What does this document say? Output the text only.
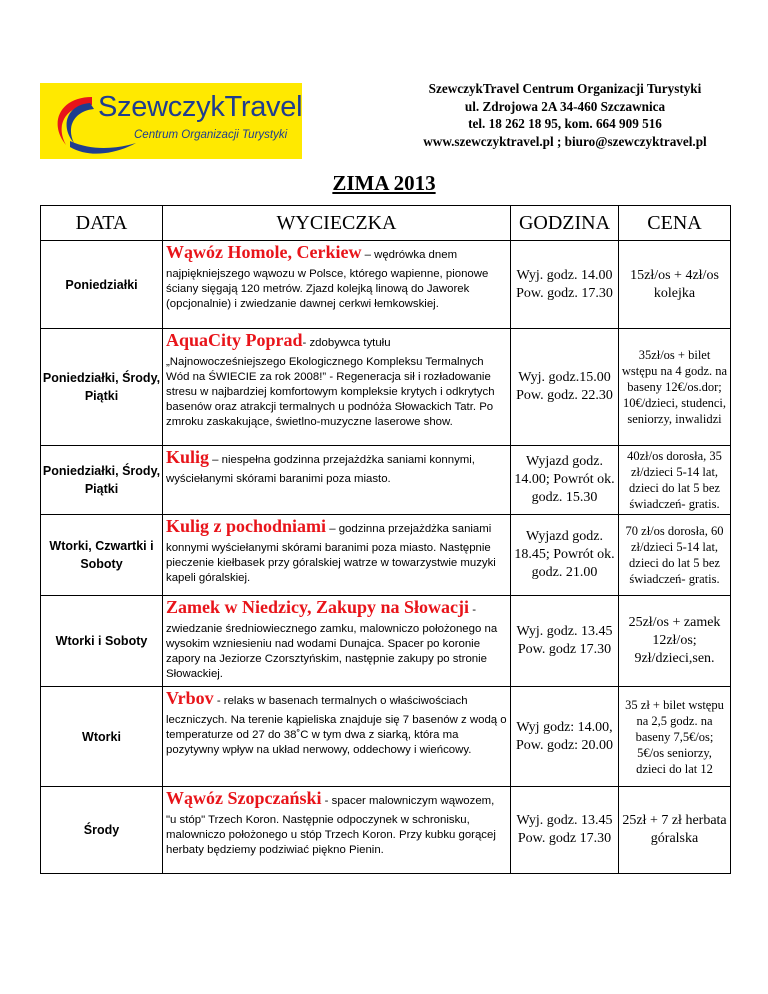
SzewczykTravel
Centrum Organizacji Turystyki
SzewczykTravel Centrum Organizacji Turystyki
ul. Zdrojowa 2A 34-460 Szczawnica
tel. 18 262 18 95, kom. 664 909 516
www.szewczyktravel.pl ; biuro@szewczyktravel.pl
ZIMA 2013
DATA	WYCIECZKA	GODZINA	CENA
Poniedziałki	Wąwóz Homole, Cerkiew – wędrówka dnem
najpiękniejszego wąwozu w Polsce, którego wapienne, pionowe ściany sięgają 120 metrów. Zjazd kolejką linową do Jaworek (opcjonalnie) i zwiedzanie dawnej cerkwi łemkowskiej.	Wyj. godz. 14.00 Pow. godz. 17.30	15zł/os + 4zł/os kolejka
Poniedziałki, Środy, Piątki	AquaCity Poprad- zdobywca tytułu
„Najnowocześniejszego Ekologicznego Kompleksu Termalnych Wód na ŚWIECIE za rok 2008!” - Regeneracja sił i rozładowanie stresu w najbardziej komfortowym kompleksie krytych i odkrytych basenów oraz atrakcji termalnych u podnóża Słowackich Tatr. Po zmroku zaskakujące, świetlno-muzyczne laserowe show.	Wyj. godz.15.00 Pow. godz. 22.30	35zł/os + bilet wstępu na 4 godz. na baseny 12€/os.dor; 10€/dzieci, studenci, seniorzy, inwalidzi
Poniedziałki, Środy, Piątki	Kulig – niespełna godzinna przejażdżka saniami konnymi,
wyściełanymi skórami baranimi poza miasto.	Wyjazd godz. 14.00; Powrót ok. godz. 15.30	40zł/os dorosła, 35 zł/dzieci 5-14 lat, dzieci do lat 5 bez świadczeń- gratis.
Wtorki, Czwartki i Soboty	Kulig z pochodniami – godzinna przejażdżka saniami
konnymi wyściełanymi skórami baranimi poza miasto. Następnie pieczenie kiełbasek przy góralskiej watrze w towarzystwie muzyki kapeli góralskiej.	Wyjazd godz. 18.45; Powrót ok. godz. 21.00	70 zł/os dorosła, 60 zł/dzieci 5-14 lat, dzieci do lat 5 bez świadczeń- gratis.
Wtorki i Soboty	Zamek w Niedzicy, Zakupy na Słowacji -
zwiedzanie średniowiecznego zamku, malowniczo położonego na wysokim wzniesieniu nad wodami Dunajca. Spacer po koronie zapory na Jeziorze Czorsztyńskim, następnie zakupy po stronie Słowackiej.	Wyj. godz. 13.45 Pow. godz 17.30	25zł/os + zamek 12zł/os; 9zł/dzieci,sen.
Wtorki	Vrbov - relaks w basenach termalnych o właściwościach
leczniczych. Na terenie kąpieliska znajduje się 7 basenów z wodą o temperaturze od 27 do 38˚C w tym dwa z siarką, która ma pozytywny wpływ na układ nerwowy, oddechowy i wieńcowy.	Wyj godz: 14.00, Pow. godz: 20.00	35 zł + bilet wstępu na 2,5 godz. na baseny 7,5€/os; 5€/os seniorzy, dzieci do lat 12
Środy	Wąwóz Szopczański - spacer malowniczym wąwozem,
"u stóp" Trzech Koron. Następnie odpoczynek w schronisku, malowniczo położonego u stóp Trzech Koron. Przy kubku gorącej herbaty będziemy podziwiać piękno Pienin.	Wyj. godz. 13.45 Pow. godz 17.30	25zł + 7 zł herbata góralska
